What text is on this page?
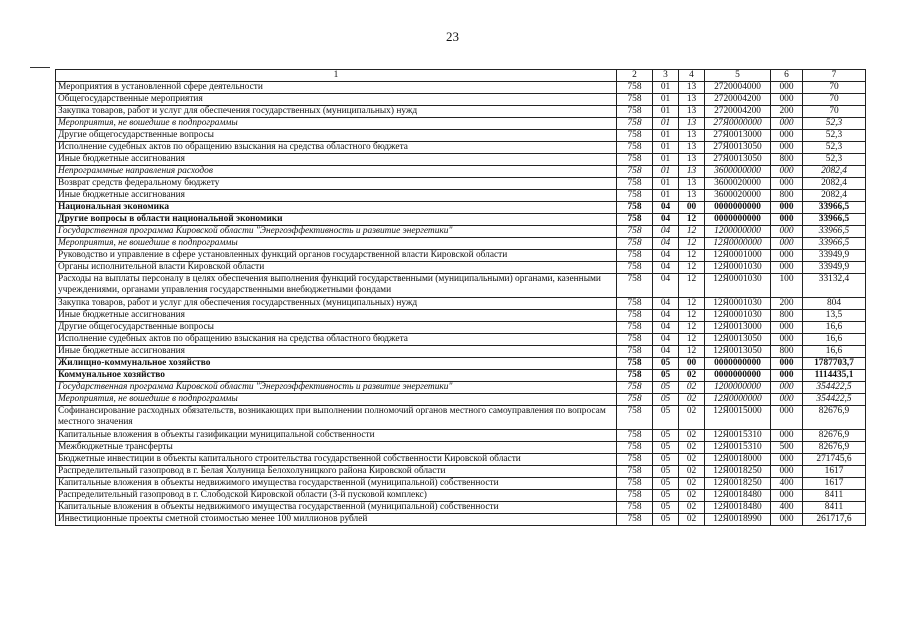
23
1	2	3	4	5	6	7
Мероприятия в установленной сфере деятельности	758	01	13	2720004000	000	70
Общегосударственные мероприятия	758	01	13	2720004200	000	70
Закупка товаров, работ и услуг для обеспечения государственных (муниципальных) нужд	758	01	13	2720004200	200	70
Мероприятия, не вошедшие в подпрограммы	758	01	13	27Я0000000	000	52,3
Другие общегосударственные вопросы	758	01	13	27Я0013000	000	52,3
Исполнение судебных актов по обращению взыскания на средства областного бюджета	758	01	13	27Я0013050	000	52,3
Иные бюджетные ассигнования	758	01	13	27Я0013050	800	52,3
Непрограммные направления расходов	758	01	13	3600000000	000	2082,4
Возврат средств федеральному бюджету	758	01	13	3600020000	000	2082,4
Иные бюджетные ассигнования	758	01	13	3600020000	800	2082,4
Национальная экономика	758	04	00	0000000000	000	33966,5
Другие вопросы в области национальной экономики	758	04	12	0000000000	000	33966,5
Государственная программа Кировской области "Энергоэффективность и развитие энергетики"	758	04	12	1200000000	000	33966,5
Мероприятия, не вошедшие в подпрограммы	758	04	12	12Я0000000	000	33966,5
Руководство и управление в сфере установленных функций органов государственной власти Кировской области	758	04	12	12Я0001000	000	33949,9
Органы исполнительной власти Кировской области	758	04	12	12Я0001030	000	33949,9
Расходы на выплаты персоналу в целях обеспечения выполнения функций государственными (муниципальными) органами, казенными учреждениями, органами управления государственными внебюджетными фондами	758	04	12	12Я0001030	100	33132,4
Закупка товаров, работ и услуг для обеспечения государственных (муниципальных) нужд	758	04	12	12Я0001030	200	804
Иные бюджетные ассигнования	758	04	12	12Я0001030	800	13,5
Другие общегосударственные вопросы	758	04	12	12Я0013000	000	16,6
Исполнение судебных актов по обращению взыскания на средства областного бюджета	758	04	12	12Я0013050	000	16,6
Иные бюджетные ассигнования	758	04	12	12Я0013050	800	16,6
Жилищно-коммунальное хозяйство	758	05	00	0000000000	000	1787703,7
Коммунальное хозяйство	758	05	02	0000000000	000	1114435,1
Государственная программа Кировской области "Энергоэффективность и развитие энергетики"	758	05	02	1200000000	000	354422,5
Мероприятия, не вошедшие в подпрограммы	758	05	02	12Я0000000	000	354422,5
Софинансирование расходных обязательств, возникающих при выполнении полномочий органов местного самоуправления по вопросам местного значения	758	05	02	12Я0015000	000	82676,9
Капитальные вложения в объекты газификации муниципальной собственности	758	05	02	12Я0015310	000	82676,9
Межбюджетные трансферты	758	05	02	12Я0015310	500	82676,9
Бюджетные инвестиции в объекты капитального строительства государственной собственности Кировской области	758	05	02	12Я0018000	000	271745,6
Распределительный газопровод в г. Белая Холуница Белохолуницкого района Кировской области	758	05	02	12Я0018250	000	1617
Капитальные вложения в объекты недвижимого имущества государственной (муниципальной) собственности	758	05	02	12Я0018250	400	1617
Распределительный газопровод в г. Слободской Кировской области (3-й пусковой комплекс)	758	05	02	12Я0018480	000	8411
Капитальные вложения в объекты недвижимого имущества государственной (муниципальной) собственности	758	05	02	12Я0018480	400	8411
Инвестиционные проекты сметной стоимостью менее 100 миллионов рублей	758	05	02	12Я0018990	000	261717,6
